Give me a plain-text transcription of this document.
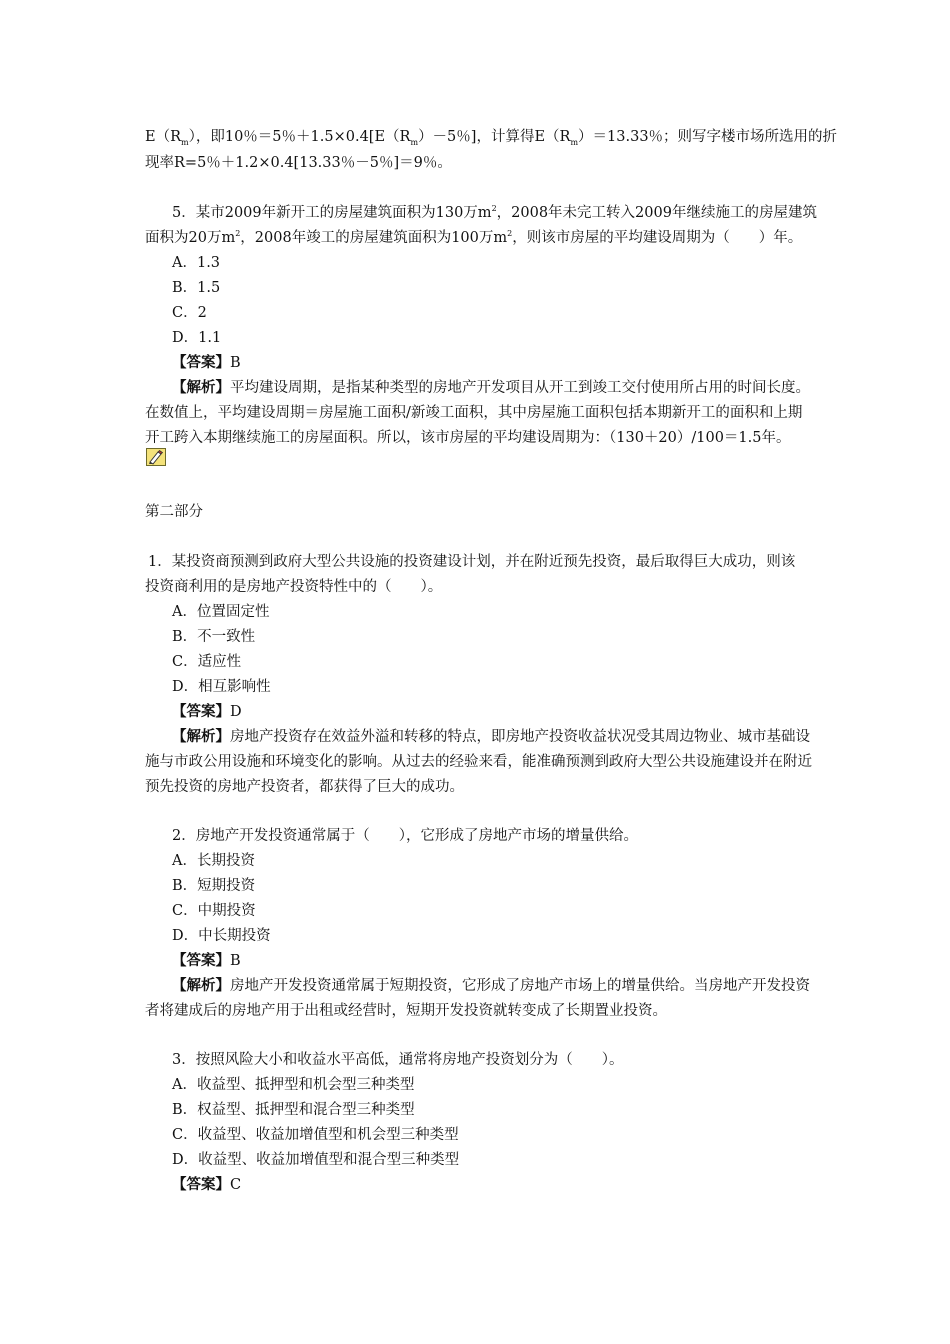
$E(R_m)$，即10％＝5％$+1.5\times 0.4[E(R_m)-5$％]，计算得$E(R_m)=13.33$％；则写字楼市场所选用的折
现率R=5％＋1.2×0.4[13.33％－5％]＝9％。
5．某市2009年新开工的房屋建筑面积为130万$m^2$，2008年未完工转入2009年继续施工的房屋建筑
面积为20万$m^2$，2008年竣工的房屋建筑面积为100万$m^2$，则该市房屋的平均建设周期为（　　）年。
A．1.3
B．1.5
C．2
D．1.1
【答案】B
【解析】平均建设周期，是指某种类型的房地产开发项目从开工到竣工交付使用所占用的时间长度。
在数值上，平均建设周期＝房屋施工面积/新竣工面积，其中房屋施工面积包括本期新开工的面积和上期
开工跨入本期继续施工的房屋面积。所以，该市房屋的平均建设周期为：（130＋20）/100＝1.5年。
第二部分
1．某投资商预测到政府大型公共设施的投资建设计划，并在附近预先投资，最后取得巨大成功，则该
投资商利用的是房地产投资特性中的（　　）。
A．位置固定性
B．不一致性
C．适应性
D．相互影响性
【答案】D
【解析】房地产投资存在效益外溢和转移的特点，即房地产投资收益状况受其周边物业、城市基础设
施与市政公用设施和环境变化的影响。从过去的经验来看，能准确预测到政府大型公共设施建设并在附近
预先投资的房地产投资者，都获得了巨大的成功。
2．房地产开发投资通常属于（　　），它形成了房地产市场的增量供给。
A．长期投资
B．短期投资
C．中期投资
D．中长期投资
【答案】B
【解析】房地产开发投资通常属于短期投资，它形成了房地产市场上的增量供给。当房地产开发投资
者将建成后的房地产用于出租或经营时，短期开发投资就转变成了长期置业投资。
3．按照风险大小和收益水平高低，通常将房地产投资划分为（　　）。
A．收益型、抵押型和机会型三种类型
B．权益型、抵押型和混合型三种类型
C．收益型、收益加增值型和机会型三种类型
D．收益型、收益加增值型和混合型三种类型
【答案】C
